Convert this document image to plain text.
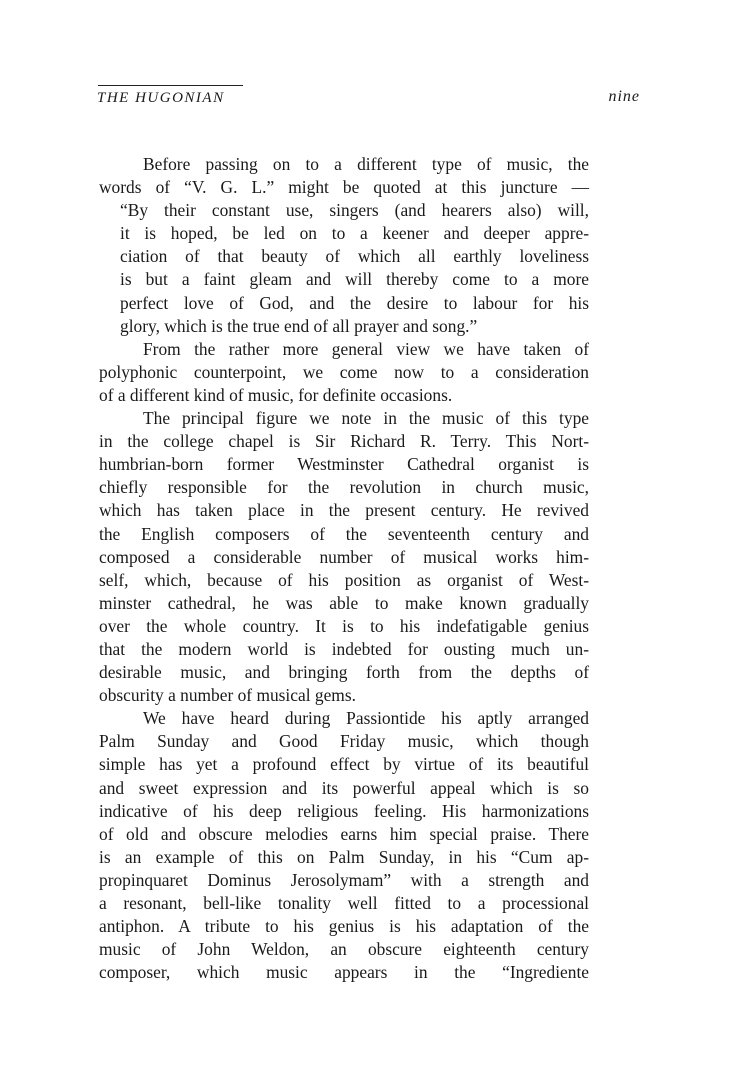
THE HUGONIAN	nine
Before passing on to a different type of music, the
words of “V. G. L.” might be quoted at this juncture —
“By their constant use, singers (and hearers also) will,
it is hoped, be led on to a keener and deeper appre-
ciation of that beauty of which all earthly loveliness
is but a faint gleam and will thereby come to a more
perfect love of God, and the desire to labour for his
glory, which is the true end of all prayer and song.”
From the rather more general view we have taken of
polyphonic counterpoint, we come now to a consideration
of a different kind of music, for definite occasions.
The principal figure we note in the music of this type
in the college chapel is Sir Richard R. Terry. This Nort-
humbrian-born former Westminster Cathedral organist is
chiefly responsible for the revolution in church music,
which has taken place in the present century. He revived
the English composers of the seventeenth century and
composed a considerable number of musical works him-
self, which, because of his position as organist of West-
minster cathedral, he was able to make known gradually
over the whole country. It is to his indefatigable genius
that the modern world is indebted for ousting much un-
desirable music, and bringing forth from the depths of
obscurity a number of musical gems.
We have heard during Passiontide his aptly arranged
Palm Sunday and Good Friday music, which though
simple has yet a profound effect by virtue of its beautiful
and sweet expression and its powerful appeal which is so
indicative of his deep religious feeling. His harmonizations
of old and obscure melodies earns him special praise. There
is an example of this on Palm Sunday, in his “Cum ap-
propinquaret Dominus Jerosolymam” with a strength and
a resonant, bell-like tonality well fitted to a processional
antiphon. A tribute to his genius is his adaptation of the
music of John Weldon, an obscure eighteenth century
composer, which music appears in the “Ingrediente
